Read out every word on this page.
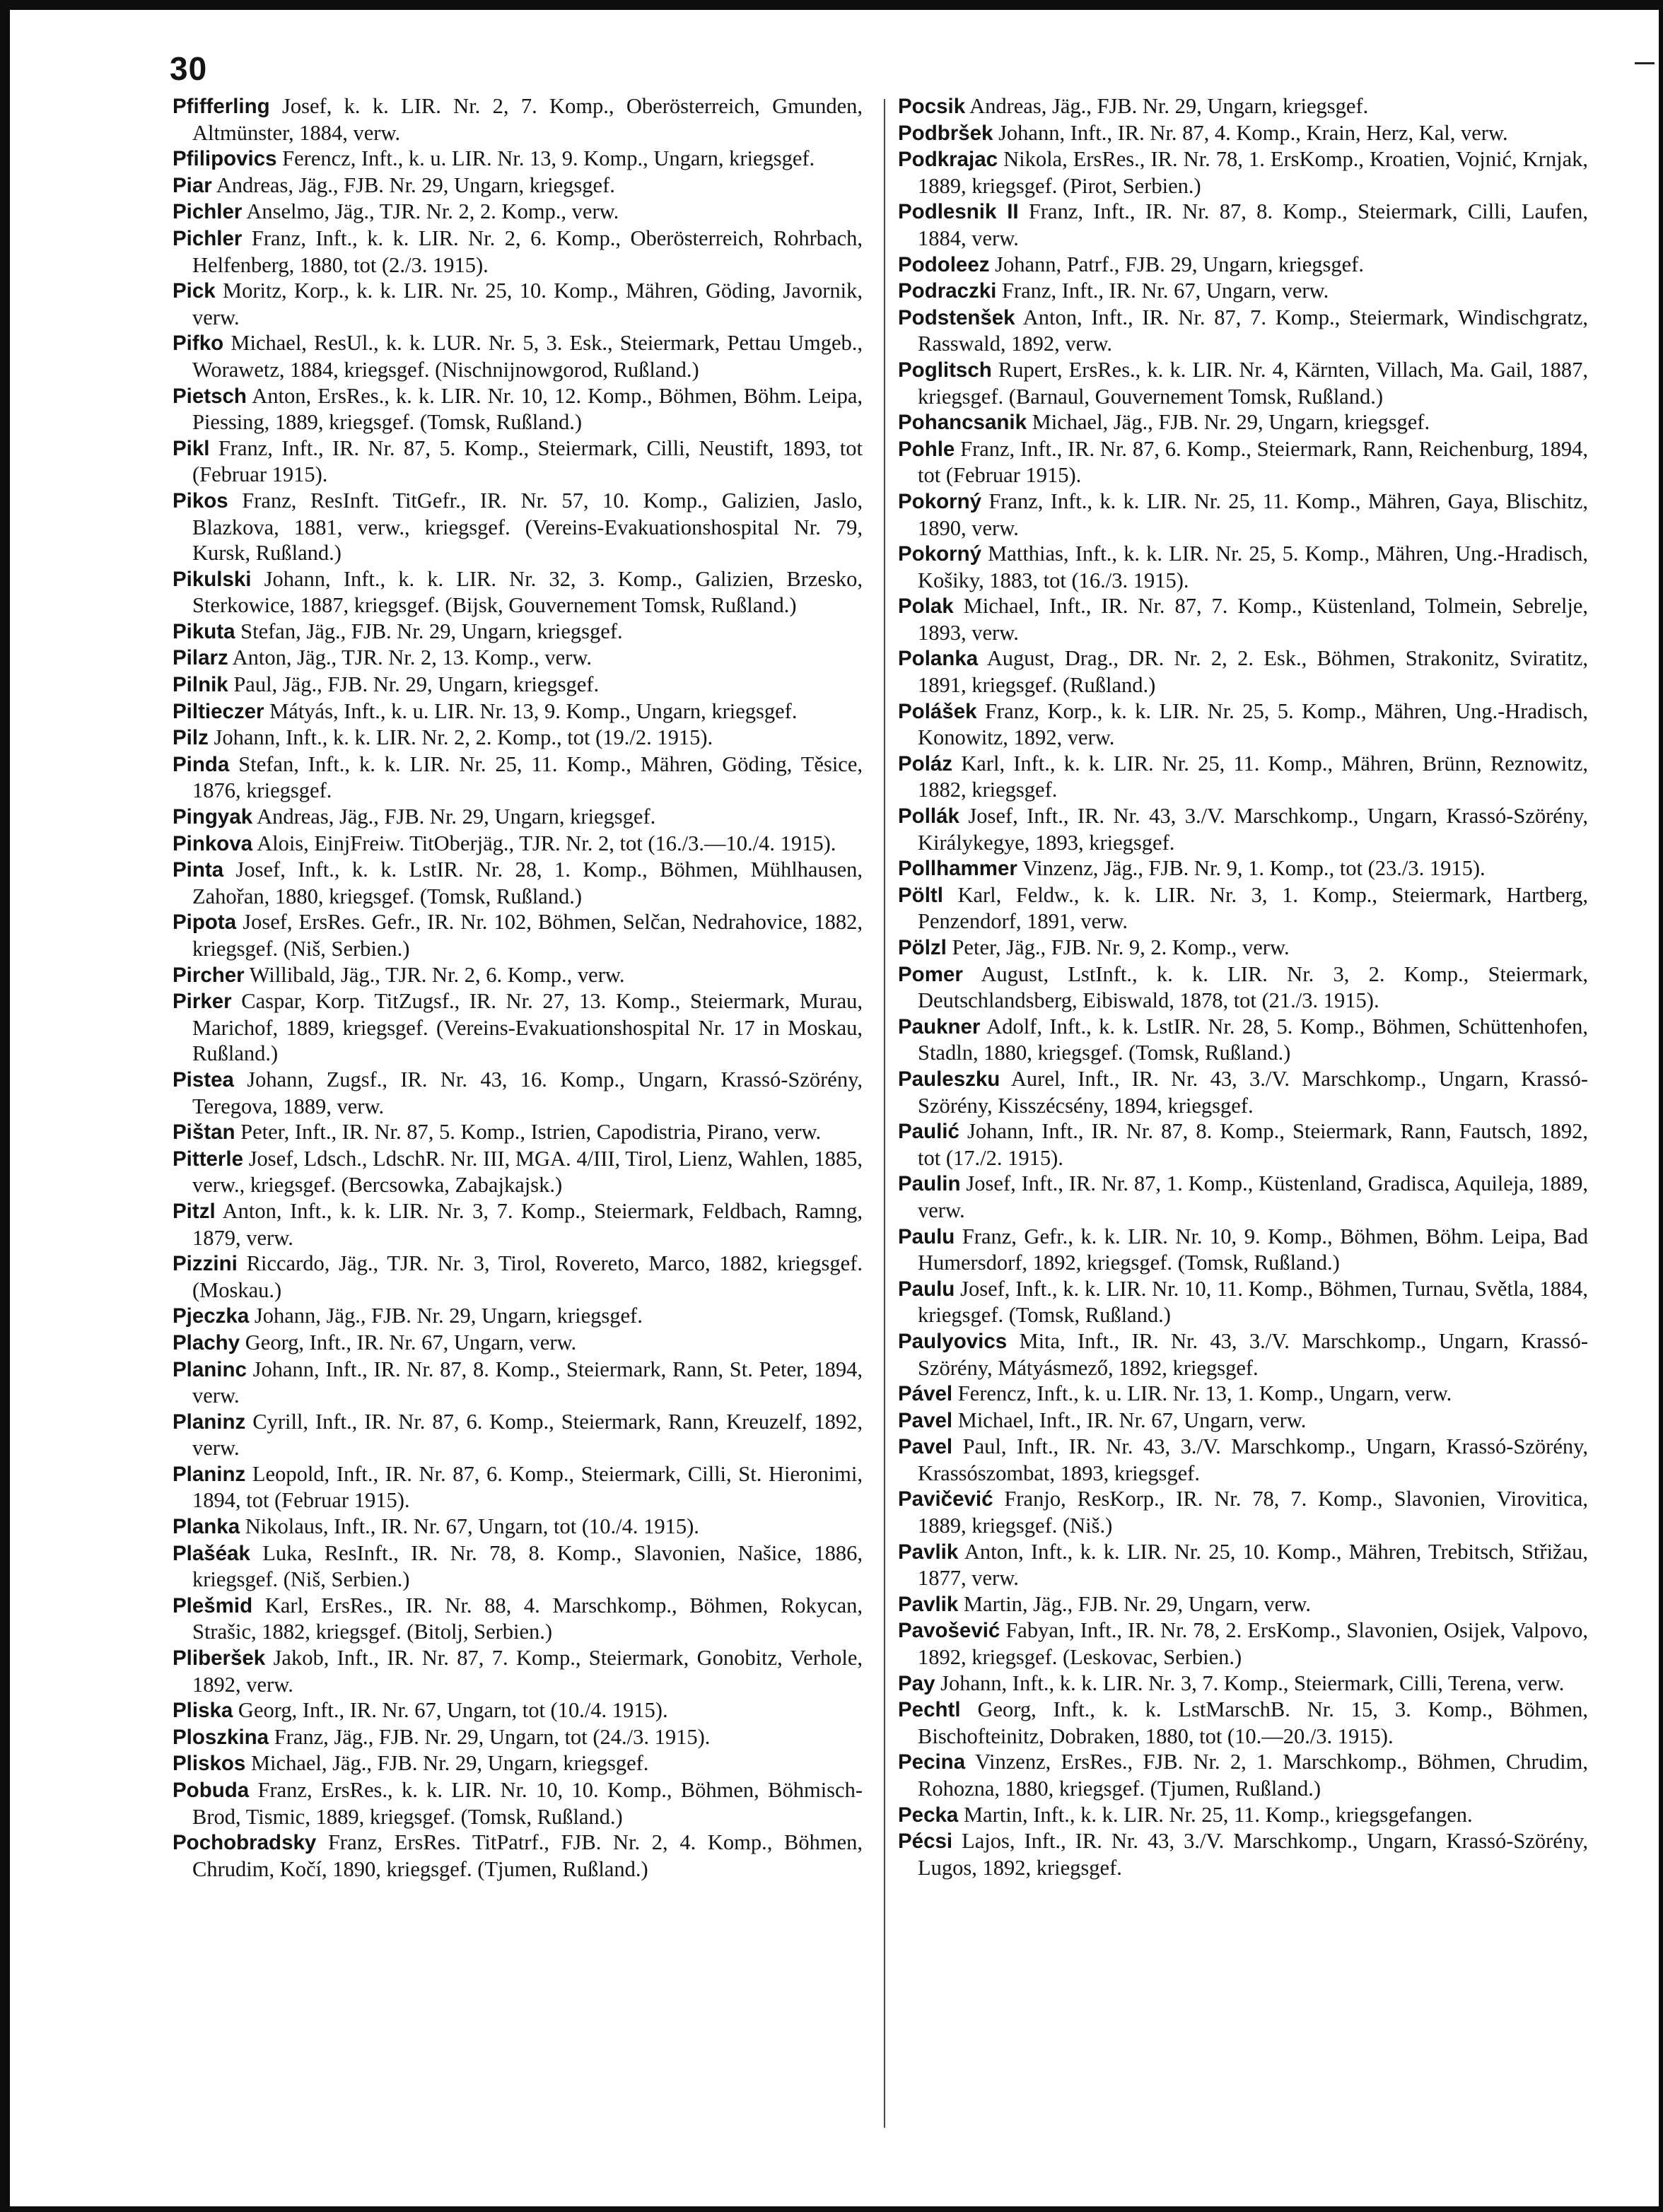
30

Pfifferling Josef, k. k. LIR. Nr. 2, 7. Komp., Oberösterreich, Gmunden, Altmünster, 1884, verw.

Pfilipovics Ferencz, Inft., k. u. LIR. Nr. 13, 9. Komp., Ungarn, kriegsgef.

Piar Andreas, Jäg., FJB. Nr. 29, Ungarn, kriegsgef.

Pichler Anselmo, Jäg., TJR. Nr. 2, 2. Komp., verw.

Pichler Franz, Inft., k. k. LIR. Nr. 2, 6. Komp., Oberösterreich, Rohrbach, Helfenberg, 1880, tot (2./3. 1915).

Pick Moritz, Korp., k. k. LIR. Nr. 25, 10. Komp., Mähren, Göding, Javornik, verw.

Pifko Michael, ResUl., k. k. LUR. Nr. 5, 3. Esk., Steiermark, Pettau Umgeb., Worawetz, 1884, kriegsgef. (Nischnijnowgorod, Rußland.)

Pietsch Anton, ErsRes., k. k. LIR. Nr. 10, 12. Komp., Böhmen, Böhm. Leipa, Piessing, 1889, kriegsgef. (Tomsk, Rußland.)

Pikl Franz, Inft., IR. Nr. 87, 5. Komp., Steiermark, Cilli, Neustift, 1893, tot (Februar 1915).

Pikos Franz, ResInft. TitGefr., IR. Nr. 57, 10. Komp., Galizien, Jaslo, Blazkova, 1881, verw., kriegsgef. (Vereins-Evakuationshospital Nr. 79, Kursk, Rußland.)

Pikulski Johann, Inft., k. k. LIR. Nr. 32, 3. Komp., Galizien, Brzesko, Sterkowice, 1887, kriegsgef. (Bijsk, Gouvernement Tomsk, Rußland.)

Pikuta Stefan, Jäg., FJB. Nr. 29, Ungarn, kriegsgef.

Pilarz Anton, Jäg., TJR. Nr. 2, 13. Komp., verw.

Pilnik Paul, Jäg., FJB. Nr. 29, Ungarn, kriegsgef.

Piltieczer Mátyás, Inft., k. u. LIR. Nr. 13, 9. Komp., Ungarn, kriegsgef.

Pilz Johann, Inft., k. k. LIR. Nr. 2, 2. Komp., tot (19./2. 1915).

Pinda Stefan, Inft., k. k. LIR. Nr. 25, 11. Komp., Mähren, Göding, Těsice, 1876, kriegsgef.

Pingyak Andreas, Jäg., FJB. Nr. 29, Ungarn, kriegsgef.

Pinkova Alois, EinjFreiw. TitOberjäg., TJR. Nr. 2, tot (16./3.—10./4. 1915).

Pinta Josef, Inft., k. k. LstIR. Nr. 28, 1. Komp., Böhmen, Mühlhausen, Zahořan, 1880, kriegsgef. (Tomsk, Rußland.)

Pipota Josef, ErsRes. Gefr., IR. Nr. 102, Böhmen, Selčan, Nedrahovice, 1882, kriegsgef. (Niš, Serbien.)

Pircher Willibald, Jäg., TJR. Nr. 2, 6. Komp., verw.

Pirker Caspar, Korp. TitZugsf., IR. Nr. 27, 13. Komp., Steiermark, Murau, Marichof, 1889, kriegsgef. (Vereins-Evakuationshospital Nr. 17 in Moskau, Rußland.)

Pistea Johann, Zugsf., IR. Nr. 43, 16. Komp., Ungarn, Krassó-Szörény, Teregova, 1889, verw.

Pištan Peter, Inft., IR. Nr. 87, 5. Komp., Istrien, Capodistria, Pirano, verw.

Pitterle Josef, Ldsch., LdschR. Nr. III, MGA. 4/III, Tirol, Lienz, Wahlen, 1885, verw., kriegsgef. (Bercsowka, Zabajkajsk.)

Pitzl Anton, Inft., k. k. LIR. Nr. 3, 7. Komp., Steiermark, Feldbach, Ramng, 1879, verw.

Pizzini Riccardo, Jäg., TJR. Nr. 3, Tirol, Rovereto, Marco, 1882, kriegsgef. (Moskau.)

Pjeczka Johann, Jäg., FJB. Nr. 29, Ungarn, kriegsgef.

Plachy Georg, Inft., IR. Nr. 67, Ungarn, verw.

Planinc Johann, Inft., IR. Nr. 87, 8. Komp., Steiermark, Rann, St. Peter, 1894, verw.

Planinz Cyrill, Inft., IR. Nr. 87, 6. Komp., Steiermark, Rann, Kreuzelf, 1892, verw.

Planinz Leopold, Inft., IR. Nr. 87, 6. Komp., Steiermark, Cilli, St. Hieronimi, 1894, tot (Februar 1915).

Planka Nikolaus, Inft., IR. Nr. 67, Ungarn, tot (10./4. 1915).

Plašéak Luka, ResInft., IR. Nr. 78, 8. Komp., Slavonien, Našice, 1886, kriegsgef. (Niš, Serbien.)

Plešmid Karl, ErsRes., IR. Nr. 88, 4. Marschkomp., Böhmen, Rokycan, Strašic, 1882, kriegsgef. (Bitolj, Serbien.)

Pliberšek Jakob, Inft., IR. Nr. 87, 7. Komp., Steiermark, Gonobitz, Verhole, 1892, verw.

Pliska Georg, Inft., IR. Nr. 67, Ungarn, tot (10./4. 1915).

Ploszkina Franz, Jäg., FJB. Nr. 29, Ungarn, tot (24./3. 1915).

Pliskos Michael, Jäg., FJB. Nr. 29, Ungarn, kriegsgef.

Pobuda Franz, ErsRes., k. k. LIR. Nr. 10, 10. Komp., Böhmen, Böhmisch-Brod, Tismic, 1889, kriegsgef. (Tomsk, Rußland.)

Pochobradsky Franz, ErsRes. TitPatrf., FJB. Nr. 2, 4. Komp., Böhmen, Chrudim, Kočí, 1890, kriegsgef. (Tjumen, Rußland.)

Pocsik Andreas, Jäg., FJB. Nr. 29, Ungarn, kriegsgef.

Podbršek Johann, Inft., IR. Nr. 87, 4. Komp., Krain, Herz, Kal, verw.

Podkrajac Nikola, ErsRes., IR. Nr. 78, 1. ErsKomp., Kroatien, Vojnić, Krnjak, 1889, kriegsgef. (Pirot, Serbien.)

Podlesnik II Franz, Inft., IR. Nr. 87, 8. Komp., Steiermark, Cilli, Laufen, 1884, verw.

Podoleez Johann, Patrf., FJB. 29, Ungarn, kriegsgef.

Podraczki Franz, Inft., IR. Nr. 67, Ungarn, verw.

Podstenšek Anton, Inft., IR. Nr. 87, 7. Komp., Steiermark, Windischgratz, Rasswald, 1892, verw.

Poglitsch Rupert, ErsRes., k. k. LIR. Nr. 4, Kärnten, Villach, Ma. Gail, 1887, kriegsgef. (Barnaul, Gouvernement Tomsk, Rußland.)

Pohancsanik Michael, Jäg., FJB. Nr. 29, Ungarn, kriegsgef.

Pohle Franz, Inft., IR. Nr. 87, 6. Komp., Steiermark, Rann, Reichenburg, 1894, tot (Februar 1915).

Pokorný Franz, Inft., k. k. LIR. Nr. 25, 11. Komp., Mähren, Gaya, Blischitz, 1890, verw.

Pokorný Matthias, Inft., k. k. LIR. Nr. 25, 5. Komp., Mähren, Ung.-Hradisch, Košiky, 1883, tot (16./3. 1915).

Polak Michael, Inft., IR. Nr. 87, 7. Komp., Küstenland, Tolmein, Sebrelje, 1893, verw.

Polanka August, Drag., DR. Nr. 2, 2. Esk., Böhmen, Strakonitz, Sviratitz, 1891, kriegsgef. (Rußland.)

Polášek Franz, Korp., k. k. LIR. Nr. 25, 5. Komp., Mähren, Ung.-Hradisch, Konowitz, 1892, verw.

Poláz Karl, Inft., k. k. LIR. Nr. 25, 11. Komp., Mähren, Brünn, Reznowitz, 1882, kriegsgef.

Pollák Josef, Inft., IR. Nr. 43, 3./V. Marschkomp., Ungarn, Krassó-Szörény, Királykegye, 1893, kriegsgef.

Pollhammer Vinzenz, Jäg., FJB. Nr. 9, 1. Komp., tot (23./3. 1915).

Pöltl Karl, Feldw., k. k. LIR. Nr. 3, 1. Komp., Steiermark, Hartberg, Penzendorf, 1891, verw.

Pölzl Peter, Jäg., FJB. Nr. 9, 2. Komp., verw.

Pomer August, LstInft., k. k. LIR. Nr. 3, 2. Komp., Steiermark, Deutschlandsberg, Eibiswald, 1878, tot (21./3. 1915).

Paukner Adolf, Inft., k. k. LstIR. Nr. 28, 5. Komp., Böhmen, Schüttenhofen, Stadln, 1880, kriegsgef. (Tomsk, Rußland.)

Pauleszku Aurel, Inft., IR. Nr. 43, 3./V. Marschkomp., Ungarn, Krassó-Szörény, Kisszécsény, 1894, kriegsgef.

Paulić Johann, Inft., IR. Nr. 87, 8. Komp., Steiermark, Rann, Fautsch, 1892, tot (17./2. 1915).

Paulin Josef, Inft., IR. Nr. 87, 1. Komp., Küstenland, Gradisca, Aquileja, 1889, verw.

Paulu Franz, Gefr., k. k. LIR. Nr. 10, 9. Komp., Böhmen, Böhm. Leipa, Bad Humersdorf, 1892, kriegsgef. (Tomsk, Rußland.)

Paulu Josef, Inft., k. k. LIR. Nr. 10, 11. Komp., Böhmen, Turnau, Světla, 1884, kriegsgef. (Tomsk, Rußland.)

Paulyovics Mita, Inft., IR. Nr. 43, 3./V. Marschkomp., Ungarn, Krassó-Szörény, Mátyásmező, 1892, kriegsgef.

Pável Ferencz, Inft., k. u. LIR. Nr. 13, 1. Komp., Ungarn, verw.

Pavel Michael, Inft., IR. Nr. 67, Ungarn, verw.

Pavel Paul, Inft., IR. Nr. 43, 3./V. Marschkomp., Ungarn, Krassó-Szörény, Krassószombat, 1893, kriegsgef.

Pavičević Franjo, ResKorp., IR. Nr. 78, 7. Komp., Slavonien, Virovitica, 1889, kriegsgef. (Niš.)

Pavlik Anton, Inft., k. k. LIR. Nr. 25, 10. Komp., Mähren, Trebitsch, Střižau, 1877, verw.

Pavlik Martin, Jäg., FJB. Nr. 29, Ungarn, verw.

Pavošević Fabyan, Inft., IR. Nr. 78, 2. ErsKomp., Slavonien, Osijek, Valpovo, 1892, kriegsgef. (Leskovac, Serbien.)

Pay Johann, Inft., k. k. LIR. Nr. 3, 7. Komp., Steiermark, Cilli, Terena, verw.

Pechtl Georg, Inft., k. k. LstMarschB. Nr. 15, 3. Komp., Böhmen, Bischofteinitz, Dobraken, 1880, tot (10.—20./3. 1915).

Pecina Vinzenz, ErsRes., FJB. Nr. 2, 1. Marschkomp., Böhmen, Chrudim, Rohozna, 1880, kriegsgef. (Tjumen, Rußland.)

Pecka Martin, Inft., k. k. LIR. Nr. 25, 11. Komp., kriegsgefangen.

Pécsi Lajos, Inft., IR. Nr. 43, 3./V. Marschkomp., Ungarn, Krassó-Szörény, Lugos, 1892, kriegsgef.
